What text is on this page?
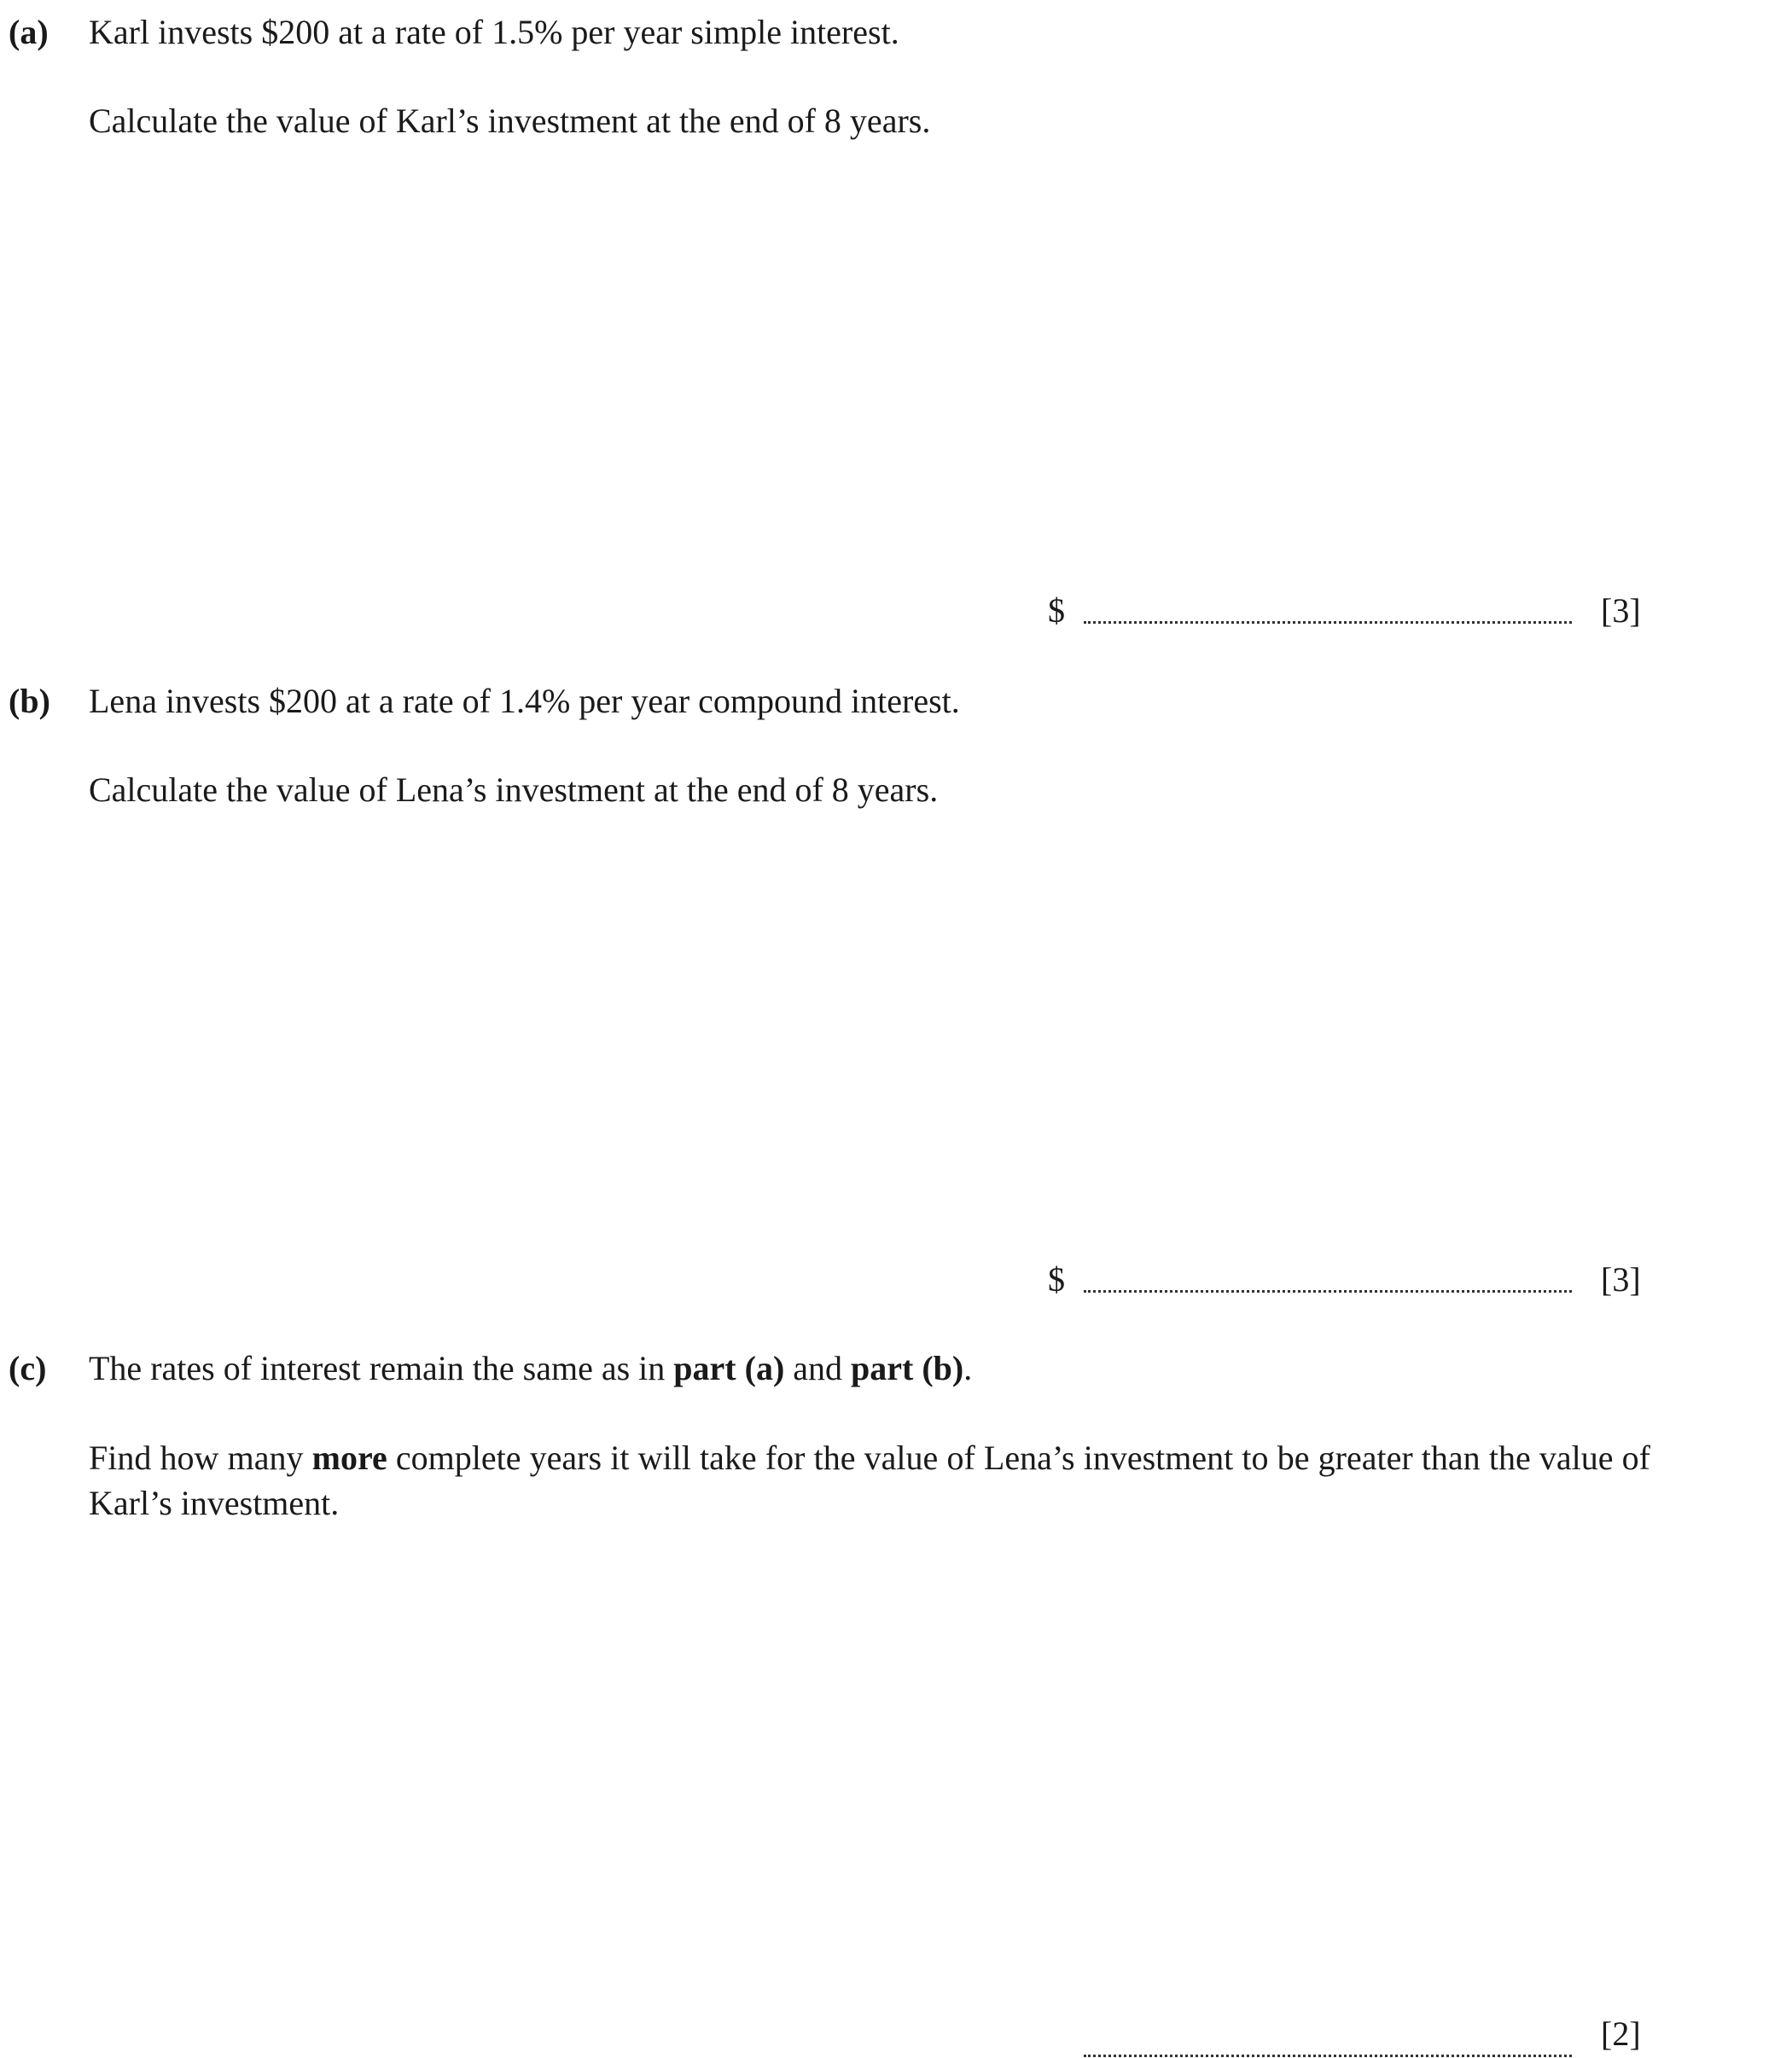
(a) Karl invests $200 at a rate of 1.5% per year simple interest.
Calculate the value of Karl’s investment at the end of 8 years.
$	[3]
(b) Lena invests $200 at a rate of 1.4% per year compound interest.
Calculate the value of Lena’s investment at the end of 8 years.
$	[3]
(c) The rates of interest remain the same as in part (a) and part (b).
Find how many more complete years it will take for the value of Lena’s investment to be greater than the value of Karl’s investment.
[2]
